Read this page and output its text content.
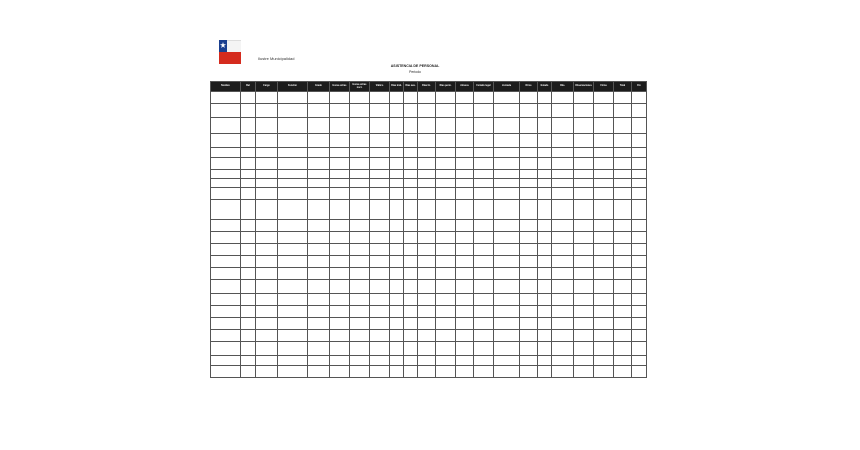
Ilustre Municipalidad
ASISTENCIA DE PERSONAL
Periodo
Nombre	Rut	Cargo	Función	Grado	Horas extras	Horas extras noct.	Viático	Días trab.	Días aus.	Días lic.	Días perm.	Atrasos	Feriado legal	Jornada	Otros	Estado	Obs.	Observaciones	Firma	Total	Fin
